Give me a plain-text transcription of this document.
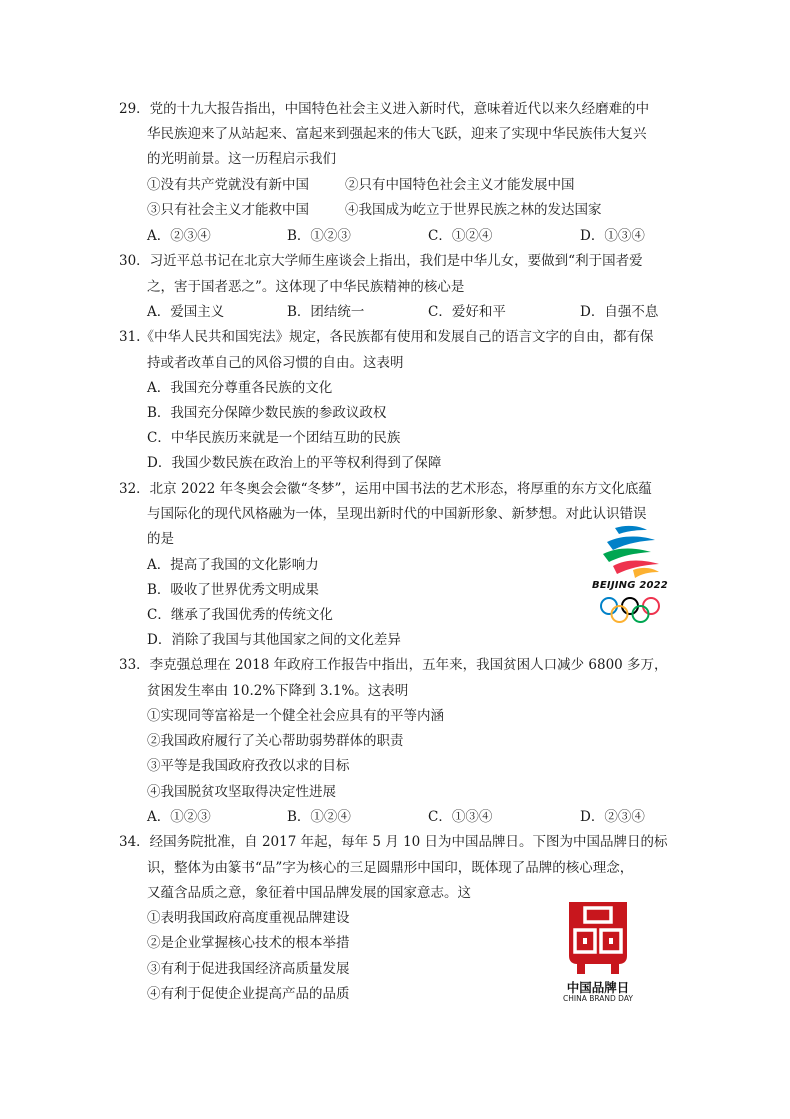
29．党的十九大报告指出，中国特色社会主义进入新时代，意味着近代以来久经磨难的中
华民族迎来了从站起来、富起来到强起来的伟大飞跃，迎来了实现中华民族伟大复兴
的光明前景。这一历程启示我们
①没有共产党就没有新中国	②只有中国特色社会主义才能发展中国
③只有社会主义才能救中国	④我国成为屹立于世界民族之林的发达国家
A．②③④	B．①②③	C．①②④	D．①③④
30．习近平总书记在北京大学师生座谈会上指出，我们是中华儿女，要做到“利于国者爱
之，害于国者恶之”。这体现了中华民族精神的核心是
A．爱国主义	B．团结统一	C．爱好和平	D．自强不息
31.《中华人民共和国宪法》规定，各民族都有使用和发展自己的语言文字的自由，都有保
持或者改革自己的风俗习惯的自由。这表明
A．我国充分尊重各民族的文化
B．我国充分保障少数民族的参政议政权
C．中华民族历来就是一个团结互助的民族
D．我国少数民族在政治上的平等权利得到了保障
32．北京 2022 年冬奥会会徽“冬梦”，运用中国书法的艺术形态，将厚重的东方文化底蕴
与国际化的现代风格融为一体，呈现出新时代的中国新形象、新梦想。对此认识错误
的是
A．提高了我国的文化影响力
B．吸收了世界优秀文明成果
C．继承了我国优秀的传统文化
D．消除了我国与其他国家之间的文化差异
BEIJING 2022
33．李克强总理在 2018 年政府工作报告中指出，五年来，我国贫困人口减少 6800 多万，
贫困发生率由 10.2%下降到 3.1%。这表明
①实现同等富裕是一个健全社会应具有的平等内涵
②我国政府履行了关心帮助弱势群体的职责
③平等是我国政府孜孜以求的目标
④我国脱贫攻坚取得决定性进展
A．①②③	B．①②④	C．①③④	D．②③④
34．经国务院批准，自 2017 年起，每年 5 月 10 日为中国品牌日。下图为中国品牌日的标
识，整体为由篆书“品”字为核心的三足圆鼎形中国印，既体现了品牌的核心理念，
又蕴含品质之意，象征着中国品牌发展的国家意志。这
①表明我国政府高度重视品牌建设
②是企业掌握核心技术的根本举措
③有利于促进我国经济高质量发展
④有利于促使企业提高产品的品质	中国品牌日
CHINA BRAND DAY
